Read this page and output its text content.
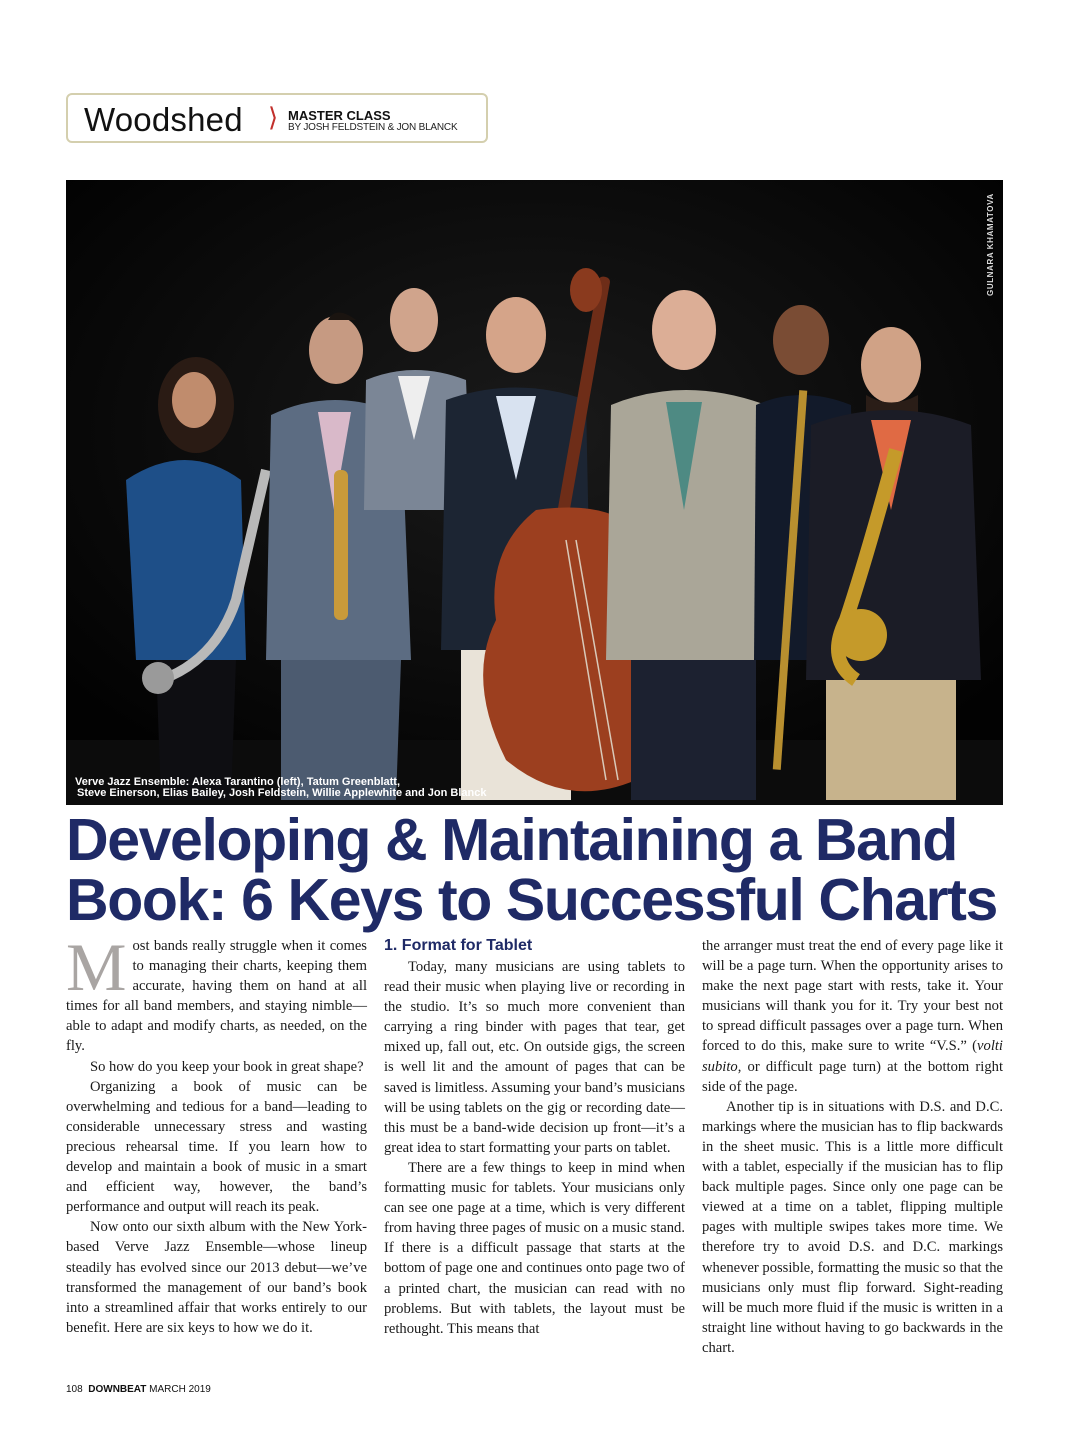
Woodshed ⟩ MASTER CLASS
BY JOSH FELDSTEIN & JON BLANCK
GULNARA KHAMATOVA
Verve Jazz Ensemble: Alexa Tarantino (left), Tatum Greenblatt,
Steve Einerson, Elias Bailey, Josh Feldstein, Willie Applewhite and Jon Blanck
Developing & Maintaining a Band
Book: 6 Keys to Successful Charts

Most bands really struggle when it comes to managing their charts, keeping them accurate, having them on hand at all times for all band members, and staying nimble—able to adapt and modify charts, as needed, on the fly.

So how do you keep your book in great shape?

Organizing a book of music can be overwhelming and tedious for a band—leading to considerable unnecessary stress and wasting precious rehearsal time. If you learn how to develop and maintain a book of music in a smart and efficient way, however, the band’s performance and output will reach its peak.

Now onto our sixth album with the New York-based Verve Jazz Ensemble—whose lineup steadily has evolved since our 2013 debut—we’ve transformed the management of our band’s book into a streamlined affair that works entirely to our benefit. Here are six keys to how we do it.

1. Format for Tablet

Today, many musicians are using tablets to read their music when playing live or recording in the studio. It’s so much more convenient than carrying a ring binder with pages that tear, get mixed up, fall out, etc. On outside gigs, the screen is well lit and the amount of pages that can be saved is limitless. Assuming your band’s musicians will be using tablets on the gig or recording date—this must be a band-wide decision up front—it’s a great idea to start formatting your parts on tablet.

There are a few things to keep in mind when formatting music for tablets. Your musicians only can see one page at a time, which is very different from having three pages of music on a music stand. If there is a difficult passage that starts at the bottom of page one and continues onto page two of a printed chart, the musician can read with no problems. But with tablets, the layout must be rethought. This means that

the arranger must treat the end of every page like it will be a page turn. When the opportunity arises to make the next page start with rests, take it. Your musicians will thank you for it. Try your best not to spread difficult passages over a page turn. When forced to do this, make sure to write “V.S.” (volti subito, or difficult page turn) at the bottom right side of the page.

Another tip is in situations with D.S. and D.C. markings where the musician has to flip backwards in the sheet music. This is a little more difficult with a tablet, especially if the musician has to flip back multiple pages. Since only one page can be viewed at a time on a tablet, flipping multiple pages with multiple swipes takes more time. We therefore try to avoid D.S. and D.C. markings whenever possible, formatting the music so that the musicians only must flip forward. Sight-reading will be much more fluid if the music is written in a straight line without having to go backwards in the chart.

108 DOWNBEAT MARCH 2019
